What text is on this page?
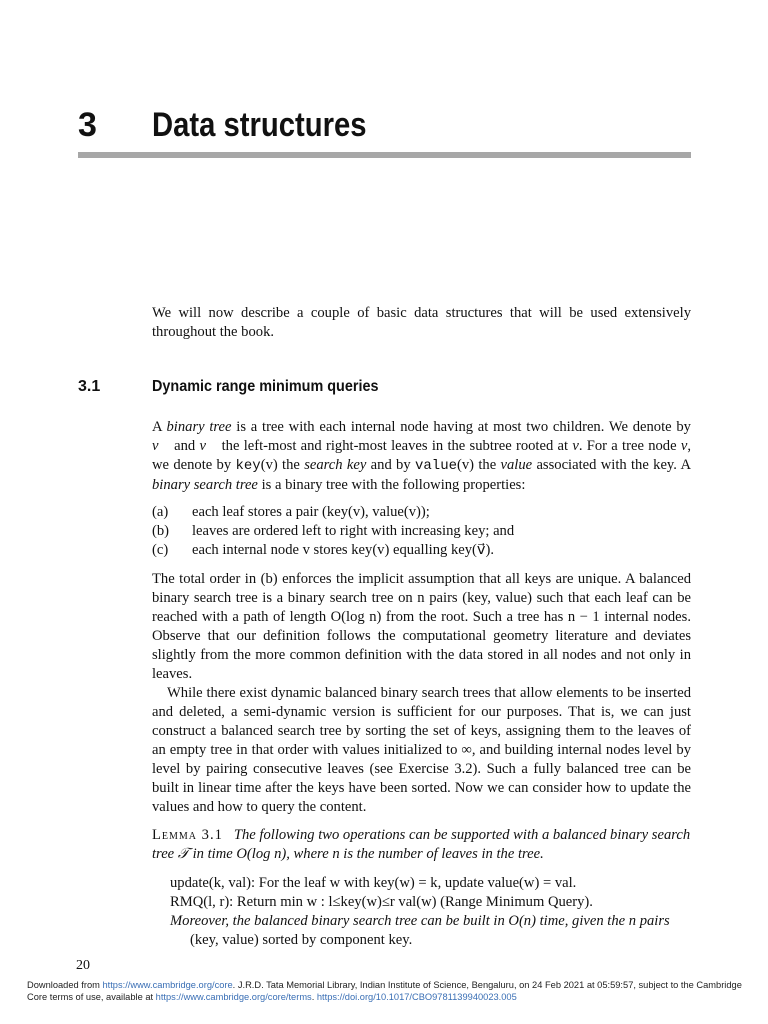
3 Data structures
We will now describe a couple of basic data structures that will be used extensively throughout the book.
3.1	Dynamic range minimum queries
A binary tree is a tree with each internal node having at most two children. We denote by v⃖ and v⃗ the left-most and right-most leaves in the subtree rooted at v. For a tree node v, we denote by key(v) the search key and by value(v) the value associated with the key. A binary search tree is a binary tree with the following properties:
(a)	each leaf stores a pair (key(v), value(v));
(b)	leaves are ordered left to right with increasing key; and
(c)	each internal node v stores key(v) equalling key(v⃗).
The total order in (b) enforces the implicit assumption that all keys are unique. A balanced binary search tree is a binary search tree on n pairs (key, value) such that each leaf can be reached with a path of length O(log n) from the root. Such a tree has n − 1 internal nodes. Observe that our definition follows the computational geometry literature and deviates slightly from the more common definition with the data stored in all nodes and not only in leaves.

While there exist dynamic balanced binary search trees that allow elements to be inserted and deleted, a semi-dynamic version is sufficient for our purposes. That is, we can just construct a balanced search tree by sorting the set of keys, assigning them to the leaves of an empty tree in that order with values initialized to ∞, and building internal nodes level by level by pairing consecutive leaves (see Exercise 3.2). Such a fully balanced tree can be built in linear time after the keys have been sorted. Now we can consider how to update the values and how to query the content.

Lemma 3.1 The following two operations can be supported with a balanced binary search tree 𝒯 in time O(log n), where n is the number of leaves in the tree.
update(k, val): For the leaf w with key(w) = k, update value(w) = val.
RMQ(l, r): Return min w : l≤key(w)≤r val(w) (Range Minimum Query).
Moreover, the balanced binary search tree can be built in O(n) time, given the n pairs
(key, value) sorted by component key.
20
Downloaded from https://www.cambridge.org/core. J.R.D. Tata Memorial Library, Indian Institute of Science, Bengaluru, on 24 Feb 2021 at 05:59:57, subject to the Cambridge Core terms of use, available at https://www.cambridge.org/core/terms. https://doi.org/10.1017/CBO9781139940023.005
